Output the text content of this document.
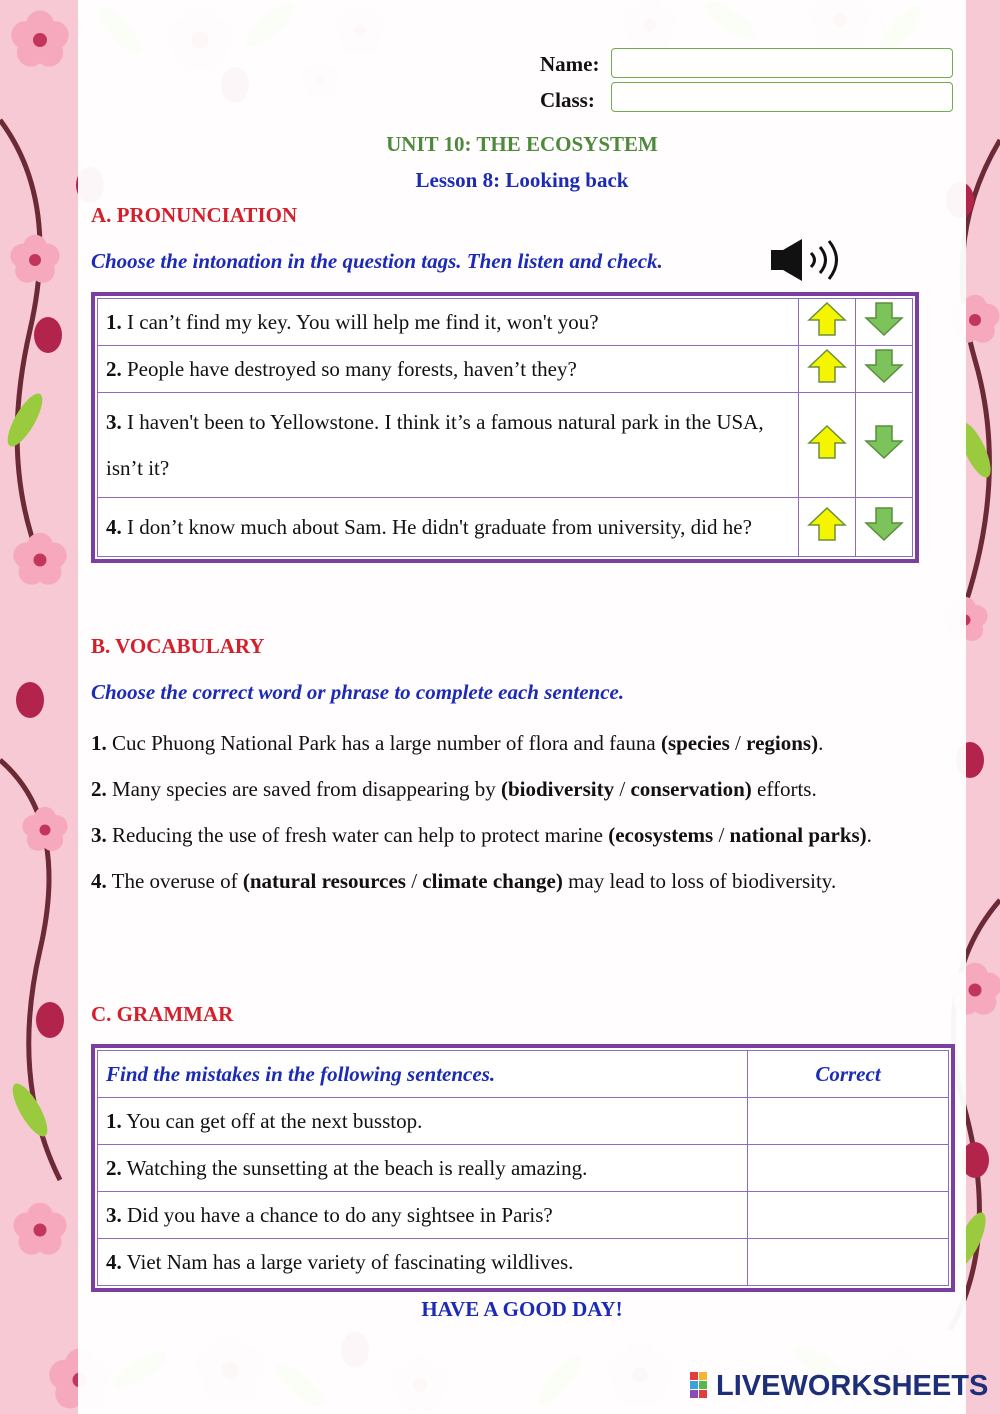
Name:
Class:
UNIT 10: THE ECOSYSTEM
Lesson 8: Looking back
A. PRONUNCIATION
Choose the intonation in the question tags. Then listen and check.
1. I can’t find my key. You will help me find it, won't you?		
2. People have destroyed so many forests, haven’t they?		
3. I haven't been to Yellowstone. I think it’s a famous natural park in the USA, isn’t it?		
4. I don’t know much about Sam. He didn't graduate from university, did he?		
B. VOCABULARY
Choose the correct word or phrase to complete each sentence.
1. Cuc Phuong National Park has a large number of flora and fauna (species / regions).
2. Many species are saved from disappearing by (biodiversity / conservation) efforts.
3. Reducing the use of fresh water can help to protect marine (ecosystems / national parks).
4. The overuse of (natural resources / climate change) may lead to loss of biodiversity.
C. GRAMMAR
Find the mistakes in the following sentences.	Correct
1. You can get off at the next busstop.	
2. Watching the sunsetting at the beach is really amazing.	
3. Did you have a chance to do any sightsee in Paris?	
4. Viet Nam has a large variety of fascinating wildlives.	
HAVE A GOOD DAY!
LIVEWORKSHEETS
